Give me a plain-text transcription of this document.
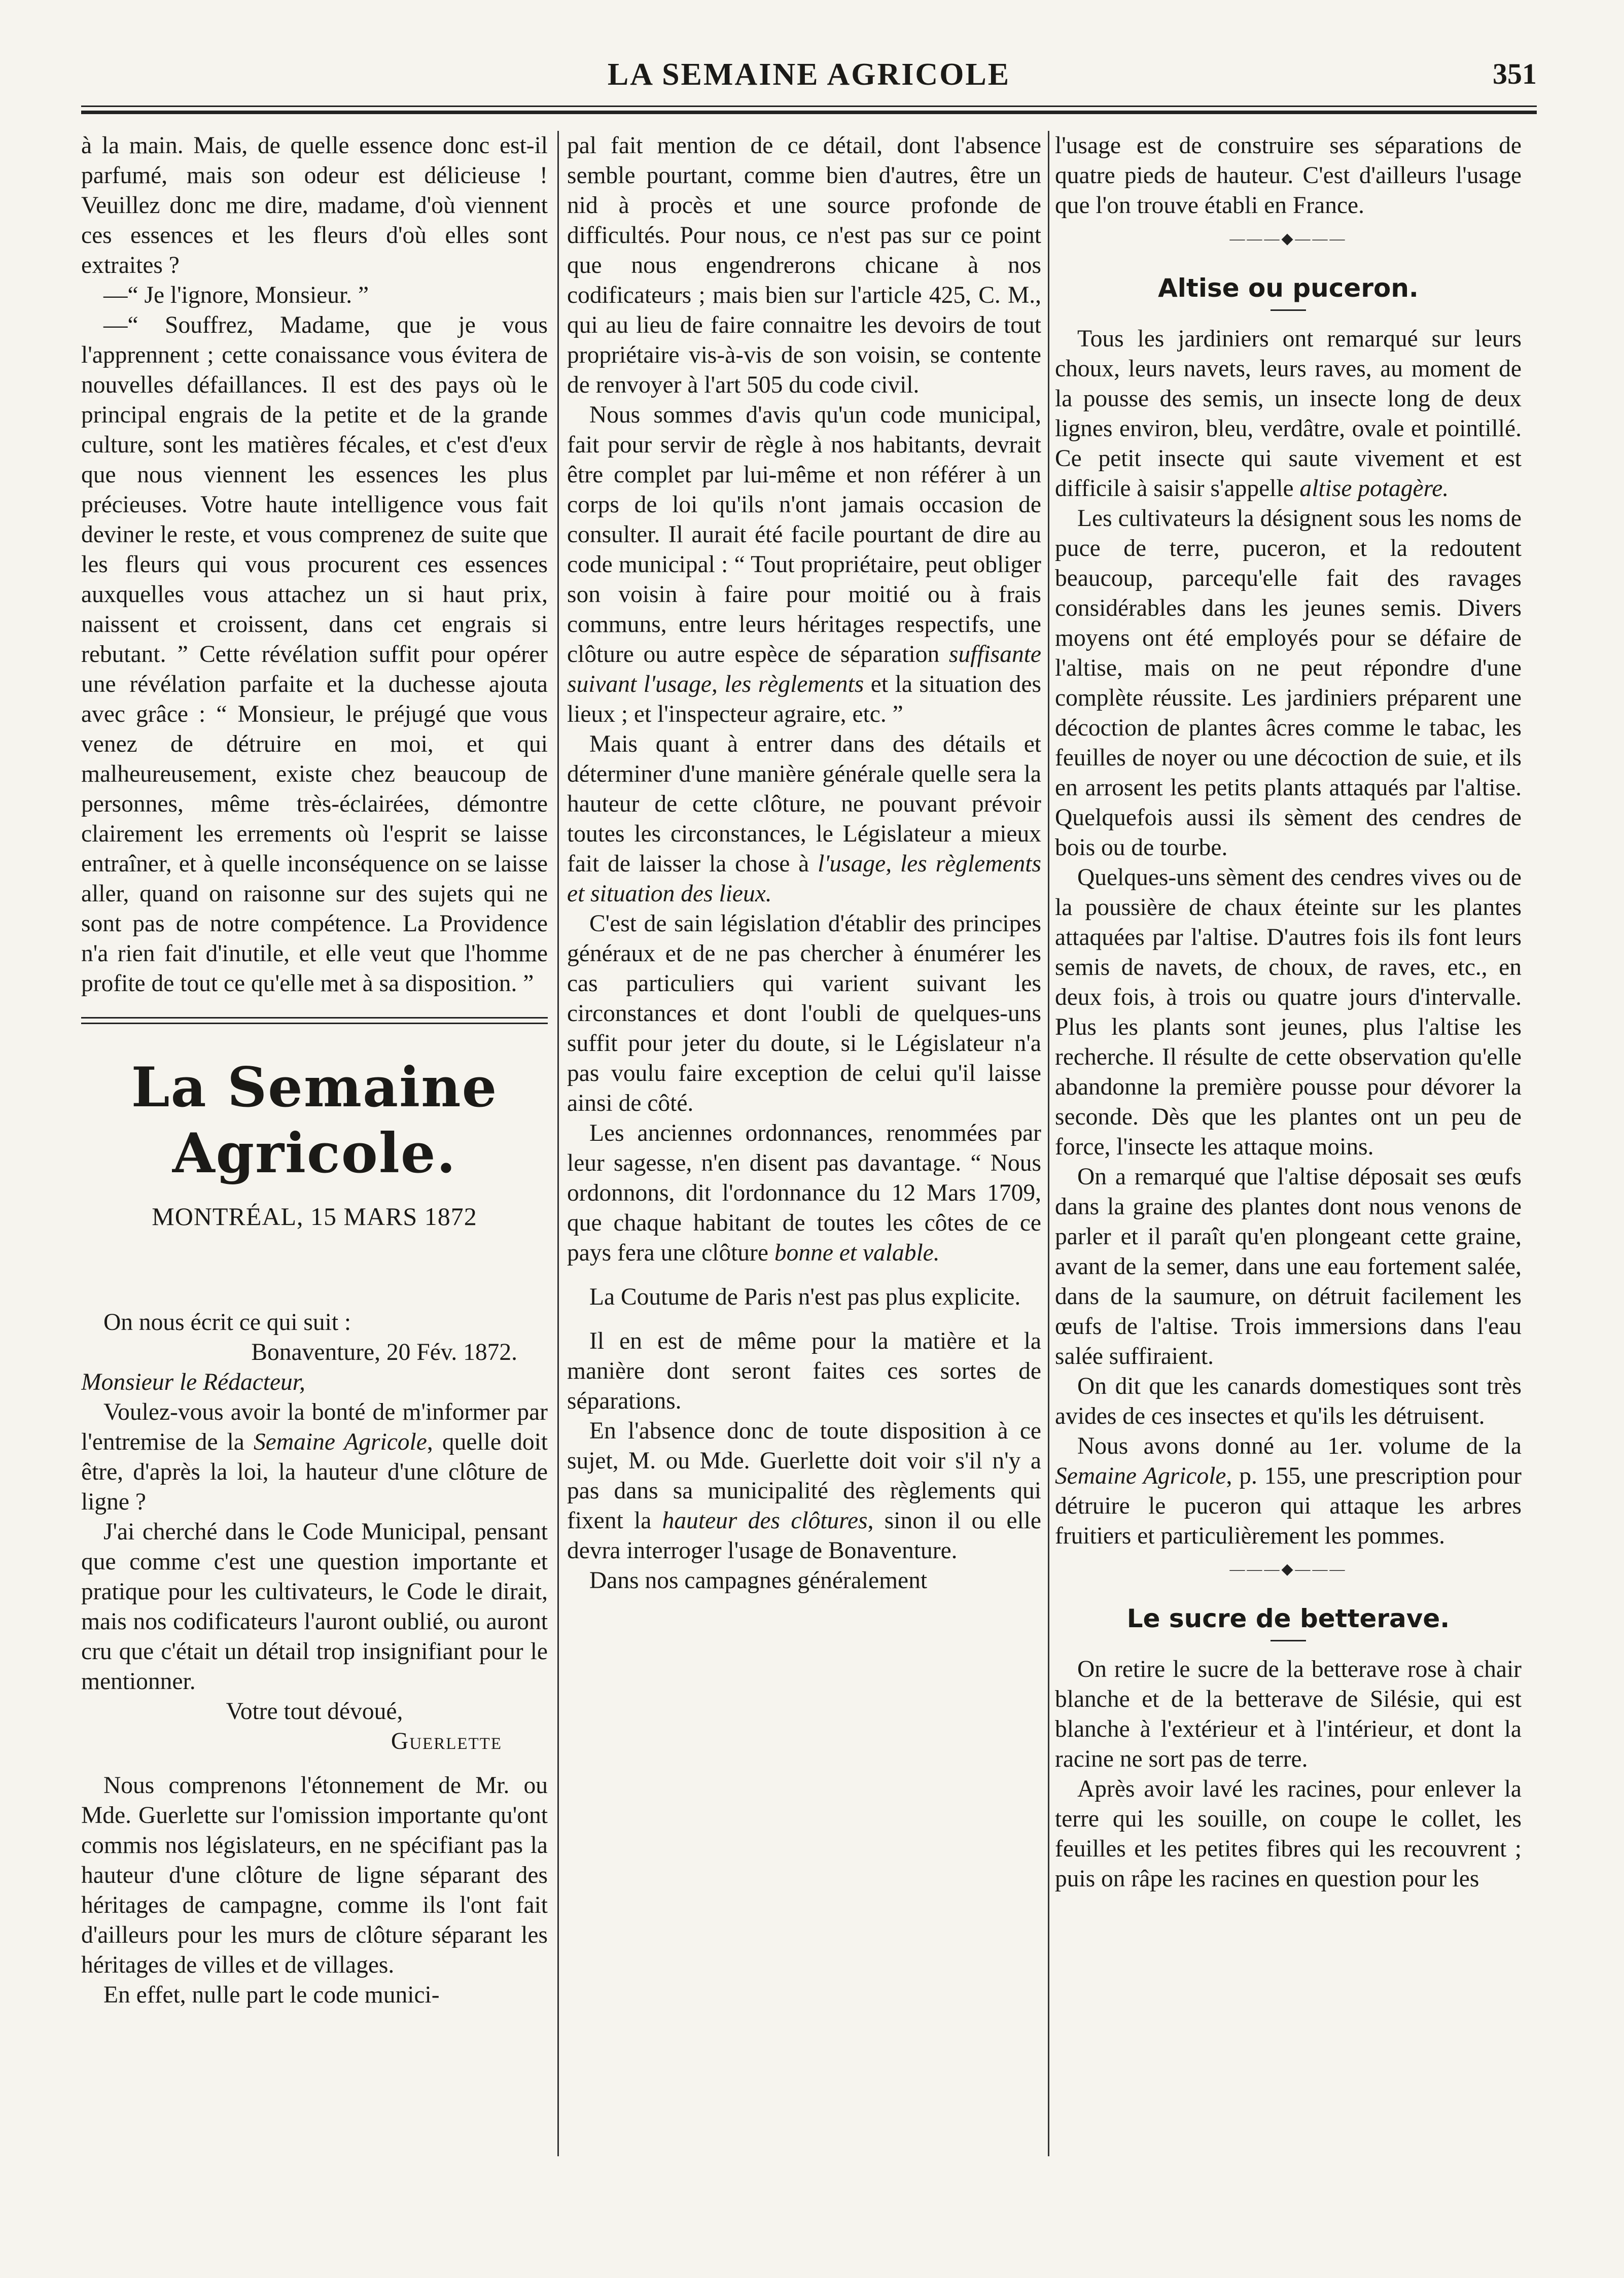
LA SEMAINE AGRICOLE	351

à la main. Mais, de quelle essence donc est-il parfumé, mais son odeur est délicieuse ! Veuillez donc me dire, madame, d'où viennent ces essences et les fleurs d'où elles sont extraites ?

—“ Je l'ignore, Monsieur. ”

—“ Souffrez, Madame, que je vous l'apprennent ; cette conaissance vous évitera de nouvelles défaillances. Il est des pays où le principal engrais de la petite et de la grande culture, sont les matières fécales, et c'est d'eux que nous viennent les essences les plus précieuses. Votre haute intelligence vous fait deviner le reste, et vous comprenez de suite que les fleurs qui vous procurent ces essences auxquelles vous attachez un si haut prix, naissent et croissent, dans cet engrais si rebutant. ” Cette révélation suffit pour opérer une révélation parfaite et la duchesse ajouta avec grâce : “ Monsieur, le préjugé que vous venez de détruire en moi, et qui malheureusement, existe chez beaucoup de personnes, même très-éclairées, démontre clairement les errements où l'esprit se laisse entraîner, et à quelle inconséquence on se laisse aller, quand on raisonne sur des sujets qui ne sont pas de notre compétence. La Providence n'a rien fait d'inutile, et elle veut que l'homme profite de tout ce qu'elle met à sa disposition. ”

La Semaine Agricole.
MONTRÉAL, 15 MARS 1872

On nous écrit ce qui suit :

Bonaventure, 20 Fév. 1872.

Monsieur le Rédacteur,

Voulez-vous avoir la bonté de m'informer par l'entremise de la Semaine Agricole, quelle doit être, d'après la loi, la hauteur d'une clôture de ligne ?

J'ai cherché dans le Code Municipal, pensant que comme c'est une question importante et pratique pour les cultivateurs, le Code le dirait, mais nos codificateurs l'auront oublié, ou auront cru que c'était un détail trop insignifiant pour le mentionner.

Votre tout dévoué,

Guerlette

Nous comprenons l'étonnement de Mr. ou Mde. Guerlette sur l'omission importante qu'ont commis nos législateurs, en ne spécifiant pas la hauteur d'une clôture de ligne séparant des héritages de campagne, comme ils l'ont fait d'ailleurs pour les murs de clôture séparant les héritages de villes et de villages.

En effet, nulle part le code munici-

pal fait mention de ce détail, dont l'absence semble pourtant, comme bien d'autres, être un nid à procès et une source profonde de difficultés. Pour nous, ce n'est pas sur ce point que nous engendrerons chicane à nos codificateurs ; mais bien sur l'article 425, C. M., qui au lieu de faire connaitre les devoirs de tout propriétaire vis-à-vis de son voisin, se contente de renvoyer à l'art 505 du code civil.

Nous sommes d'avis qu'un code municipal, fait pour servir de règle à nos habitants, devrait être complet par lui-même et non référer à un corps de loi qu'ils n'ont jamais occasion de consulter. Il aurait été facile pourtant de dire au code municipal : “ Tout propriétaire, peut obliger son voisin à faire pour moitié ou à frais communs, entre leurs héritages respectifs, une clôture ou autre espèce de séparation suffisante suivant l'usage, les règlements et la situation des lieux ; et l'inspecteur agraire, etc. ”

Mais quant à entrer dans des détails et déterminer d'une manière générale quelle sera la hauteur de cette clôture, ne pouvant prévoir toutes les circonstances, le Législateur a mieux fait de laisser la chose à l'usage, les règlements et situation des lieux.

C'est de sain législation d'établir des principes généraux et de ne pas chercher à énumérer les cas particuliers qui varient suivant les circonstances et dont l'oubli de quelques-uns suffit pour jeter du doute, si le Législateur n'a pas voulu faire exception de celui qu'il laisse ainsi de côté.

Les anciennes ordonnances, renommées par leur sagesse, n'en disent pas davantage. “ Nous ordonnons, dit l'ordonnance du 12 Mars 1709, que chaque habitant de toutes les côtes de ce pays fera une clôture bonne et valable.

La Coutume de Paris n'est pas plus explicite.

Il en est de même pour la matière et la manière dont seront faites ces sortes de séparations.

En l'absence donc de toute disposition à ce sujet, M. ou Mde. Guerlette doit voir s'il n'y a pas dans sa municipalité des règlements qui fixent la hauteur des clôtures, sinon il ou elle devra interroger l'usage de Bonaventure.

Dans nos campagnes généralement

l'usage est de construire ses séparations de quatre pieds de hauteur. C'est d'ailleurs l'usage que l'on trouve établi en France.

———◆———
Altise ou puceron.

Tous les jardiniers ont remarqué sur leurs choux, leurs navets, leurs raves, au moment de la pousse des semis, un insecte long de deux lignes environ, bleu, verdâtre, ovale et pointillé. Ce petit insecte qui saute vivement et est difficile à saisir s'appelle altise potagère.

Les cultivateurs la désignent sous les noms de puce de terre, puceron, et la redoutent beaucoup, parcequ'elle fait des ravages considérables dans les jeunes semis. Divers moyens ont été employés pour se défaire de l'altise, mais on ne peut répondre d'une complète réussite. Les jardiniers préparent une décoction de plantes âcres comme le tabac, les feuilles de noyer ou une décoction de suie, et ils en arrosent les petits plants attaqués par l'altise. Quelquefois aussi ils sèment des cendres de bois ou de tourbe.

Quelques-uns sèment des cendres vives ou de la poussière de chaux éteinte sur les plantes attaquées par l'altise. D'autres fois ils font leurs semis de navets, de choux, de raves, etc., en deux fois, à trois ou quatre jours d'intervalle. Plus les plants sont jeunes, plus l'altise les recherche. Il résulte de cette observation qu'elle abandonne la première pousse pour dévorer la seconde. Dès que les plantes ont un peu de force, l'insecte les attaque moins.

On a remarqué que l'altise déposait ses œufs dans la graine des plantes dont nous venons de parler et il paraît qu'en plongeant cette graine, avant de la semer, dans une eau fortement salée, dans de la saumure, on détruit facilement les œufs de l'altise. Trois immersions dans l'eau salée suffiraient.

On dit que les canards domestiques sont très avides de ces insectes et qu'ils les détruisent.

Nous avons donné au 1er. volume de la Semaine Agricole, p. 155, une prescription pour détruire le puceron qui attaque les arbres fruitiers et particulièrement les pommes.

———◆———
Le sucre de betterave.

On retire le sucre de la betterave rose à chair blanche et de la betterave de Silésie, qui est blanche à l'extérieur et à l'intérieur, et dont la racine ne sort pas de terre.

Après avoir lavé les racines, pour enlever la terre qui les souille, on coupe le collet, les feuilles et les petites fibres qui les recouvrent ; puis on râpe les racines en question pour les
